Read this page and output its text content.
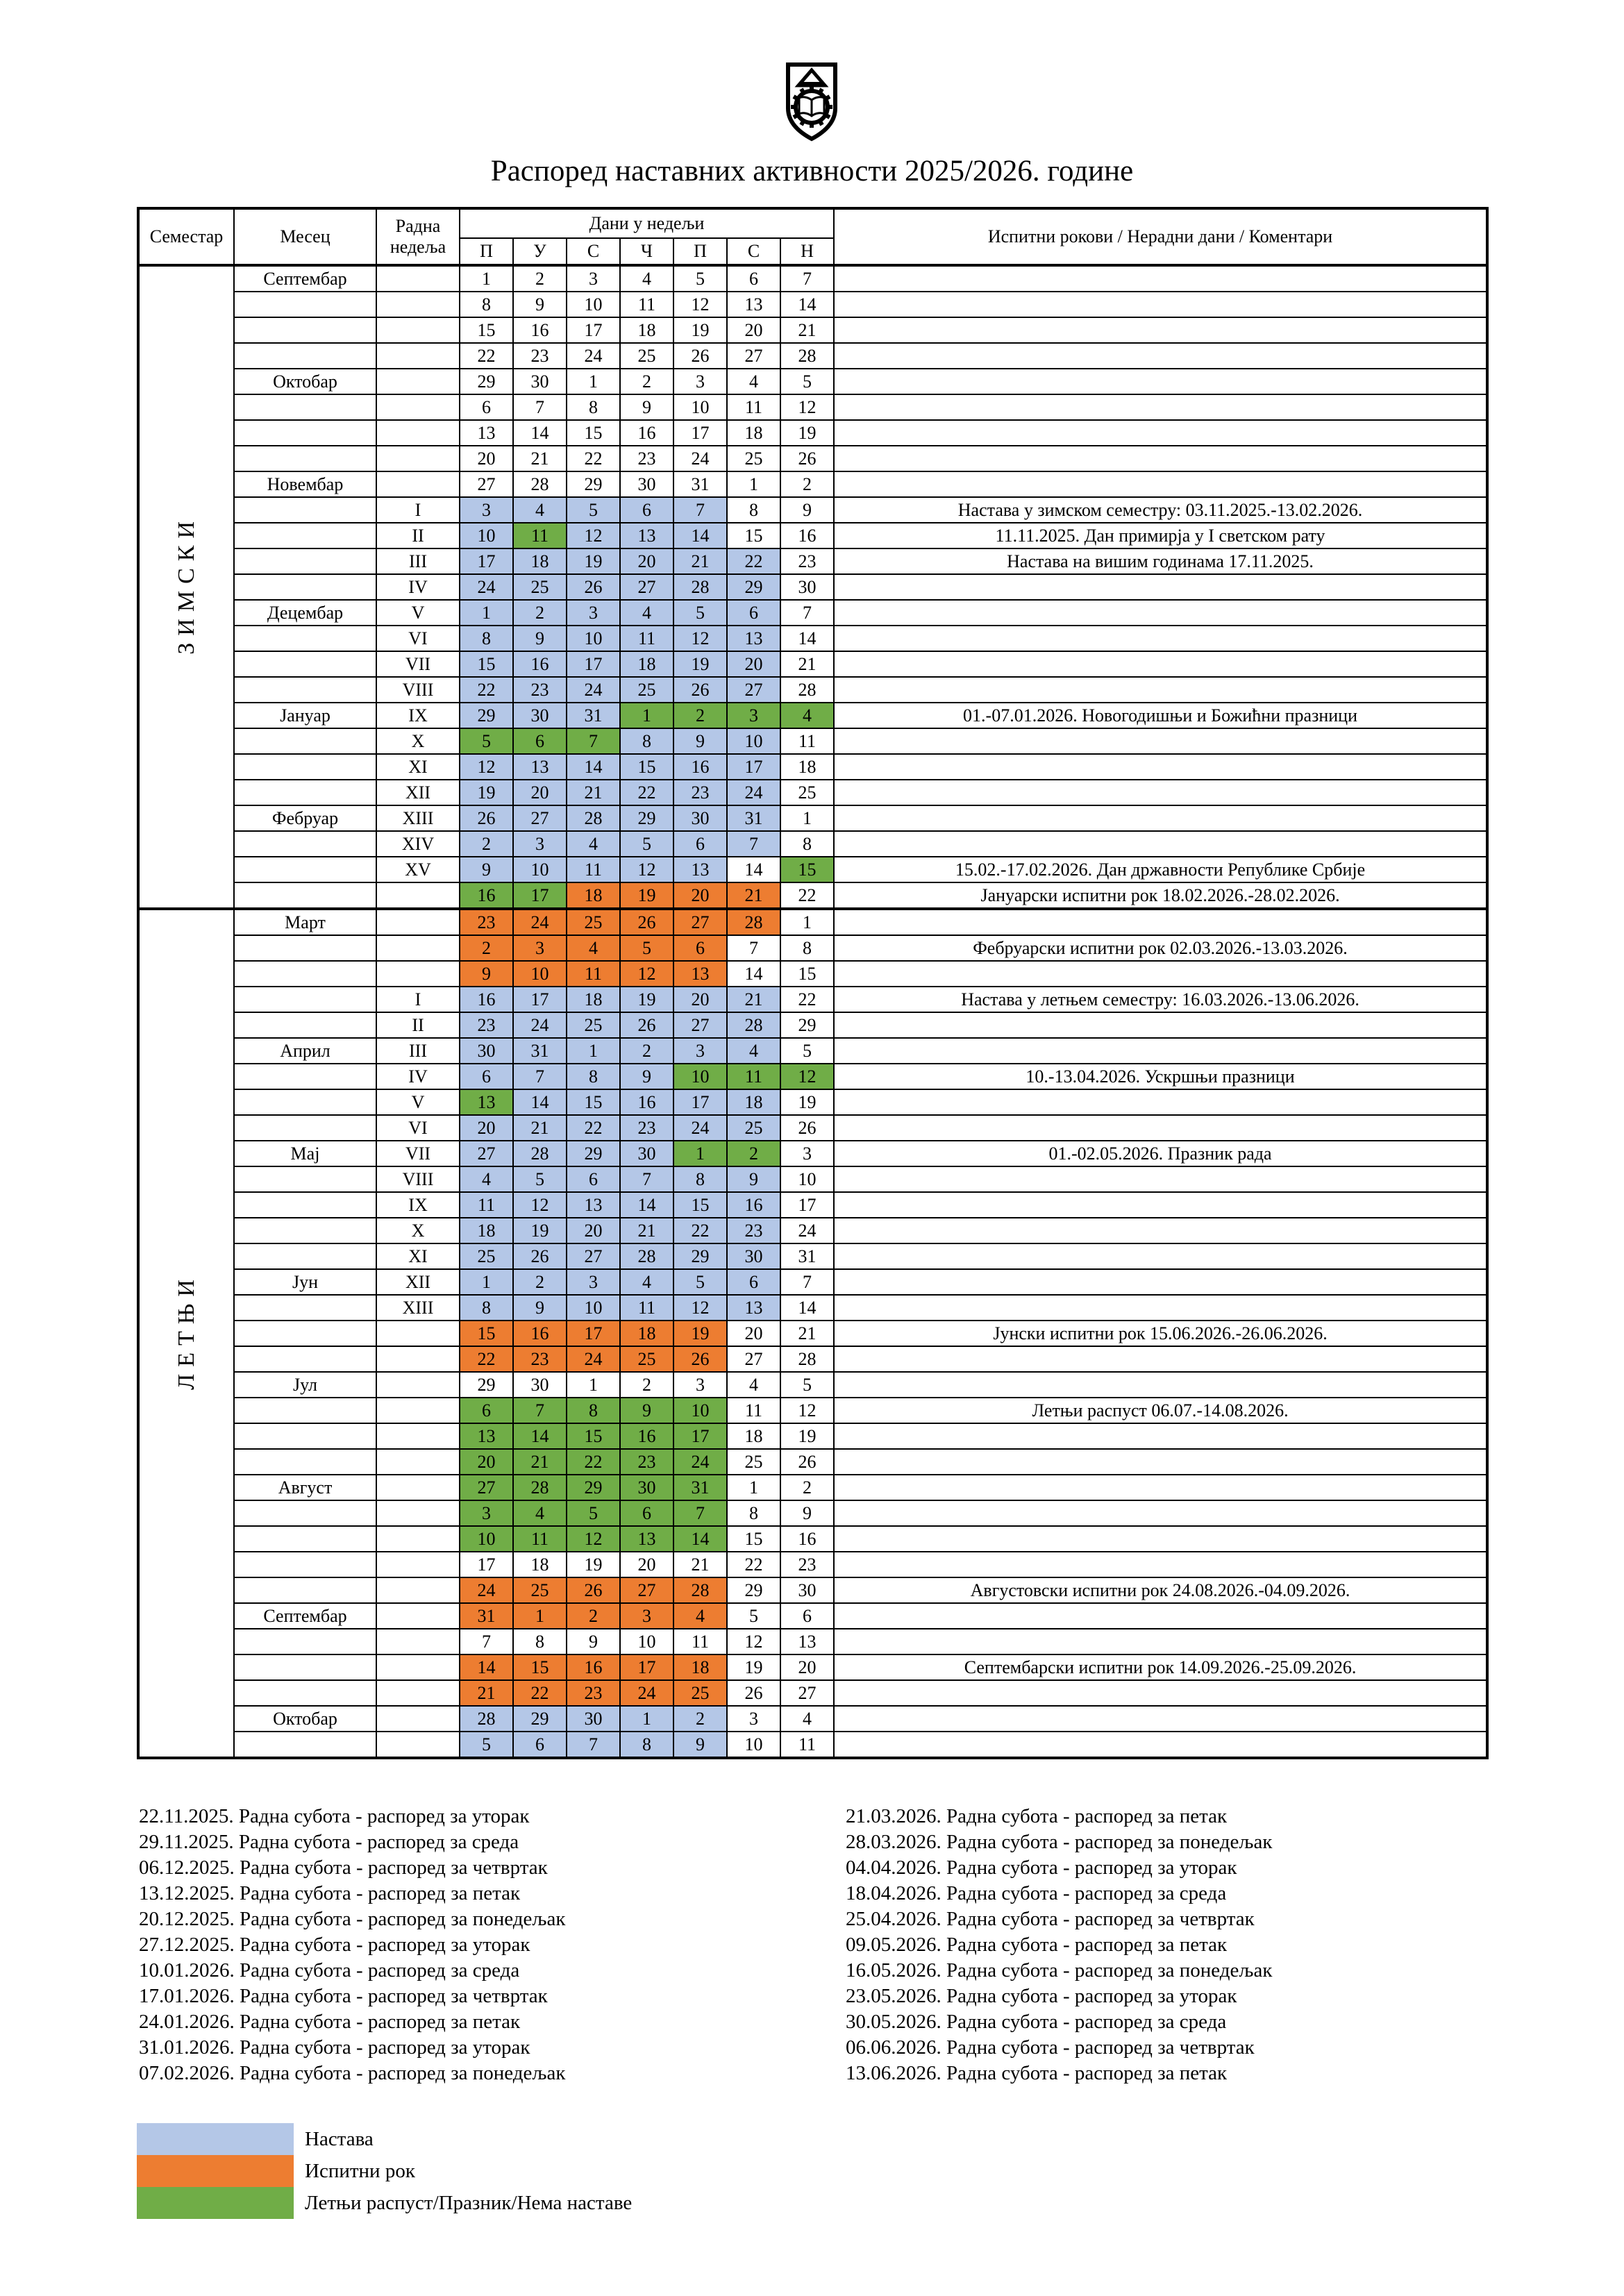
Распоред наставних активности 2025/2026. године
Семестар	Месец	Радна недеља	Дани у недељи							Испитни рокови / Нерадни дани / Коментари
			П	У	С	Ч	П	С	Н	
ЗИМСКИ	Септембар		1	2	3	4	5	6	7	
			8	9	10	11	12	13	14	
			15	16	17	18	19	20	21	
			22	23	24	25	26	27	28	
	Октобар		29	30	1	2	3	4	5	
			6	7	8	9	10	11	12	
			13	14	15	16	17	18	19	
			20	21	22	23	24	25	26	
	Новембар		27	28	29	30	31	1	2	
		I	3	4	5	6	7	8	9	Настава у зимском семестру: 03.11.2025.-13.02.2026.
		II	10	11	12	13	14	15	16	11.11.2025. Дан примирја у I светском рату
		III	17	18	19	20	21	22	23	Настава на вишим годинама 17.11.2025.
		IV	24	25	26	27	28	29	30	
	Децембар	V	1	2	3	4	5	6	7	
		VI	8	9	10	11	12	13	14	
		VII	15	16	17	18	19	20	21	
		VIII	22	23	24	25	26	27	28	
	Јануар	IX	29	30	31	1	2	3	4	01.-07.01.2026. Новогодишњи и Божићни празници
		X	5	6	7	8	9	10	11	
		XI	12	13	14	15	16	17	18	
		XII	19	20	21	22	23	24	25	
	Фебруар	XIII	26	27	28	29	30	31	1	
		XIV	2	3	4	5	6	7	8	
		XV	9	10	11	12	13	14	15	15.02.-17.02.2026. Дан државности Републике Србије
			16	17	18	19	20	21	22	Јануарски испитни рок 18.02.2026.-28.02.2026.
ЛЕТЊИ	Март		23	24	25	26	27	28	1	
			2	3	4	5	6	7	8	Фебруарски испитни рок 02.03.2026.-13.03.2026.
			9	10	11	12	13	14	15	
		I	16	17	18	19	20	21	22	Настава у летњем семестру: 16.03.2026.-13.06.2026.
		II	23	24	25	26	27	28	29	
	Април	III	30	31	1	2	3	4	5	
		IV	6	7	8	9	10	11	12	10.-13.04.2026. Ускршњи празници
		V	13	14	15	16	17	18	19	
		VI	20	21	22	23	24	25	26	
	Мај	VII	27	28	29	30	1	2	3	01.-02.05.2026. Празник рада
		VIII	4	5	6	7	8	9	10	
		IX	11	12	13	14	15	16	17	
		X	18	19	20	21	22	23	24	
		XI	25	26	27	28	29	30	31	
	Јун	XII	1	2	3	4	5	6	7	
		XIII	8	9	10	11	12	13	14	
			15	16	17	18	19	20	21	Јунски испитни рок 15.06.2026.-26.06.2026.
			22	23	24	25	26	27	28	
	Јул		29	30	1	2	3	4	5	
			6	7	8	9	10	11	12	Летњи распуст 06.07.-14.08.2026.
			13	14	15	16	17	18	19	
			20	21	22	23	24	25	26	
	Август		27	28	29	30	31	1	2	
			3	4	5	6	7	8	9	
			10	11	12	13	14	15	16	
			17	18	19	20	21	22	23	
			24	25	26	27	28	29	30	Августовски испитни рок 24.08.2026.-04.09.2026.
	Септембар		31	1	2	3	4	5	6	
			7	8	9	10	11	12	13	
			14	15	16	17	18	19	20	Септембарски испитни рок 14.09.2026.-25.09.2026.
			21	22	23	24	25	26	27	
	Октобар		28	29	30	1	2	3	4	
			5	6	7	8	9	10	11	
22.11.2025. Радна субота - распоред за уторак
29.11.2025. Радна субота - распоред за среда
06.12.2025. Радна субота - распоред за четвртак
13.12.2025. Радна субота - распоред за петак
20.12.2025. Радна субота - распоред за понедељак
27.12.2025. Радна субота - распоред за уторак
10.01.2026. Радна субота - распоред за среда
17.01.2026. Радна субота - распоред за четвртак
24.01.2026. Радна субота - распоред за петак
31.01.2026. Радна субота - распоред за уторак
07.02.2026. Радна субота - распоред за понедељак
21.03.2026. Радна субота - распоред за петак
28.03.2026. Радна субота - распоред за понедељак
04.04.2026. Радна субота - распоред за уторак
18.04.2026. Радна субота - распоред за среда
25.04.2026. Радна субота - распоред за четвртак
09.05.2026. Радна субота - распоред за петак
16.05.2026. Радна субота - распоред за понедељак
23.05.2026. Радна субота - распоред за уторак
30.05.2026. Радна субота - распоред за среда
06.06.2026. Радна субота - распоред за четвртак
13.06.2026. Радна субота - распоред за петак
Настава
Испитни рок
Летњи распуст/Празник/Нема наставе
